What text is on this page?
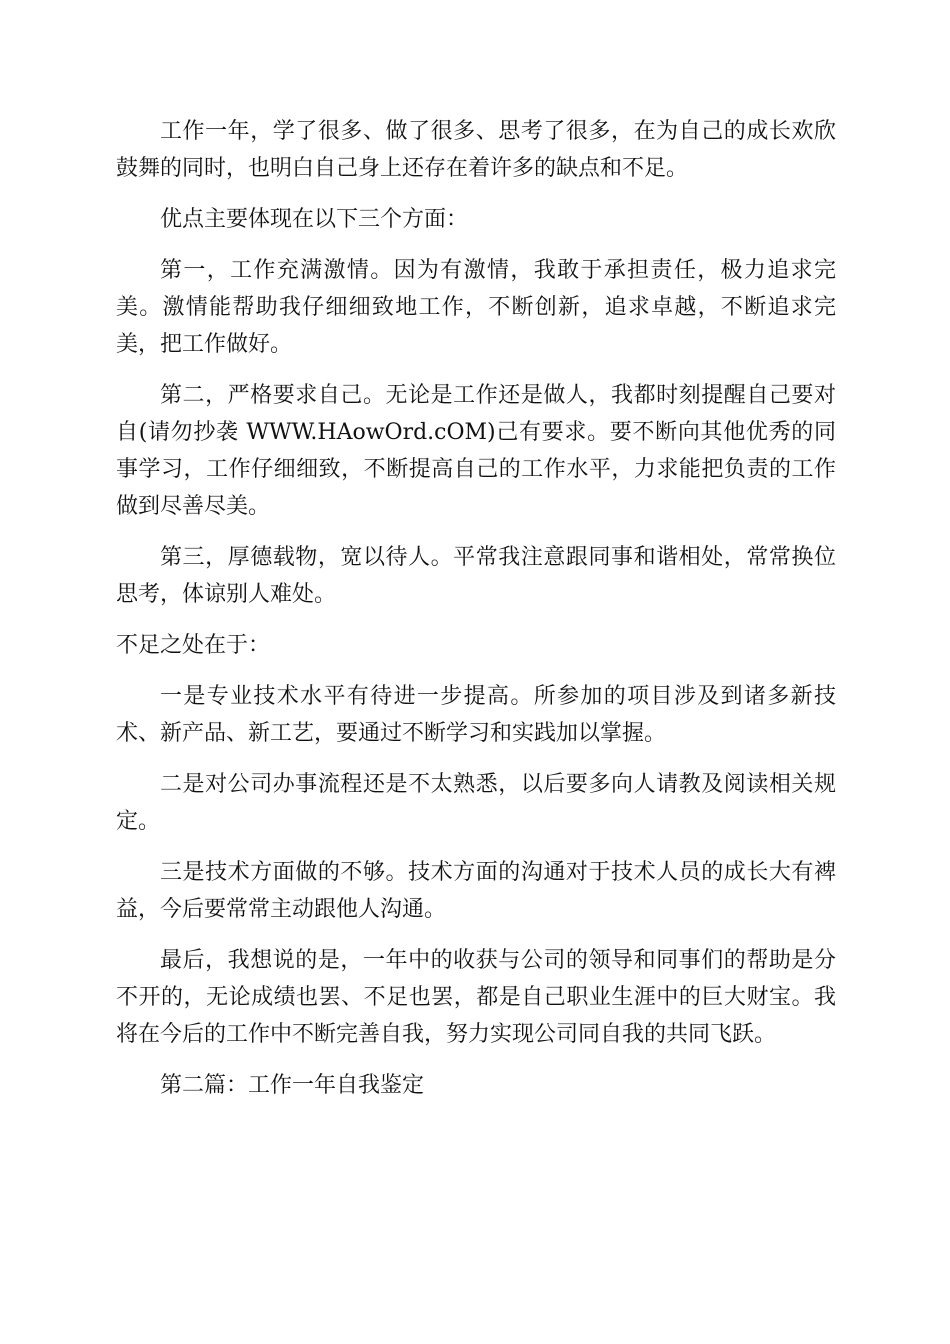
工作一年，学了很多、做了很多、思考了很多，在为自己的成长欢欣鼓舞的同时，也明白自己身上还存在着许多的缺点和不足。

优点主要体现在以下三个方面：

第一，工作充满激情。因为有激情，我敢于承担责任，极力追求完美。激情能帮助我仔细细致地工作，不断创新，追求卓越，不断追求完美，把工作做好。

第二，严格要求自己。无论是工作还是做人，我都时刻提醒自己要对自(请勿抄袭 WWW.HAowOrd.cOM)己有要求。要不断向其他优秀的同事学习，工作仔细细致，不断提高自己的工作水平，力求能把负责的工作做到尽善尽美。

第三，厚德载物，宽以待人。平常我注意跟同事和谐相处，常常换位思考，体谅别人难处。

不足之处在于：

一是专业技术水平有待进一步提高。所参加的项目涉及到诸多新技术、新产品、新工艺，要通过不断学习和实践加以掌握。

二是对公司办事流程还是不太熟悉，以后要多向人请教及阅读相关规定。

三是技术方面做的不够。技术方面的沟通对于技术人员的成长大有裨益，今后要常常主动跟他人沟通。

最后，我想说的是，一年中的收获与公司的领导和同事们的帮助是分不开的，无论成绩也罢、不足也罢，都是自己职业生涯中的巨大财宝。我将在今后的工作中不断完善自我，努力实现公司同自我的共同飞跃。

第二篇：工作一年自我鉴定
